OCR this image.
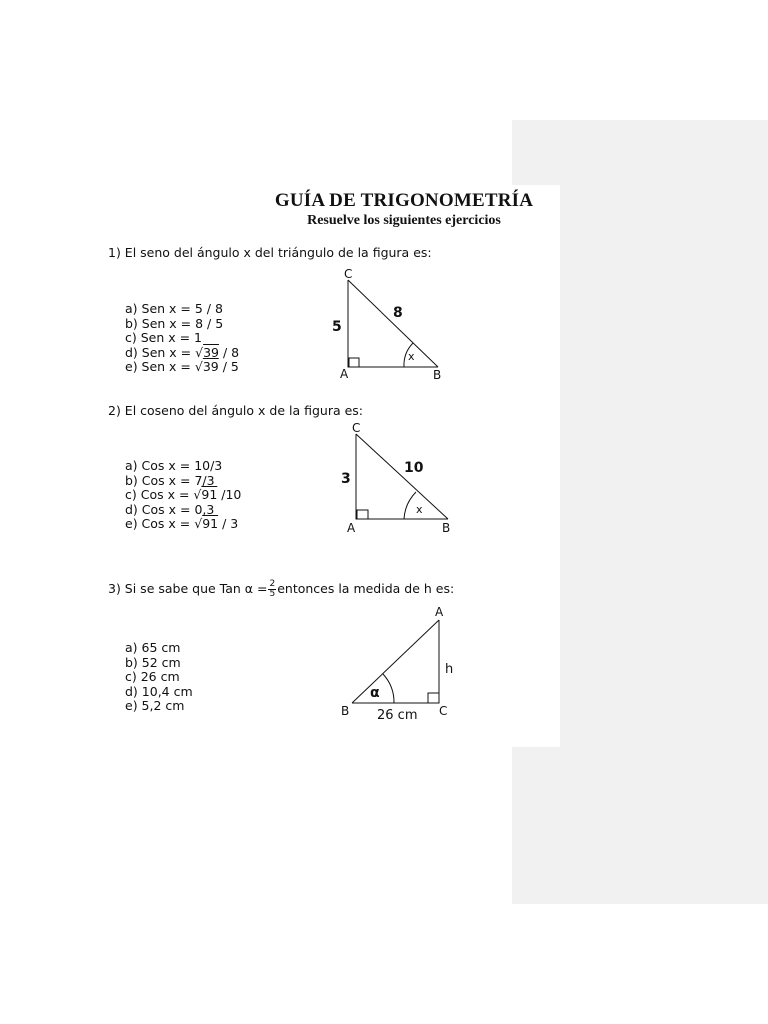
GUÍA DE TRIGONOMETRÍA
Resuelve los siguientes ejercicios
1) El seno del ángulo x del triángulo de la figura es:
a) Sen x = 5 / 8
b) Sen x = 8 / 5
c) Sen x = 1
d) Sen x = √39 / 8
e) Sen x = √39 / 5
C
A	B
5
8
x
2) El coseno del ángulo x de la figura es:
a) Cos x = 10/3
b) Cos x = 7/3
c) Cos x = √91 /10
d) Cos x = 0,3
e) Cos x = √91 / 3
C
A	B
3
10
x
3) Si se sabe que Tan $\alpha = \frac{2}{5}$ entonces la medida de h es:
a) 65 cm
b) 52 cm
c) 26 cm
d) 10,4 cm
e) 5,2 cm
A
B	C
h
26 cm
α
